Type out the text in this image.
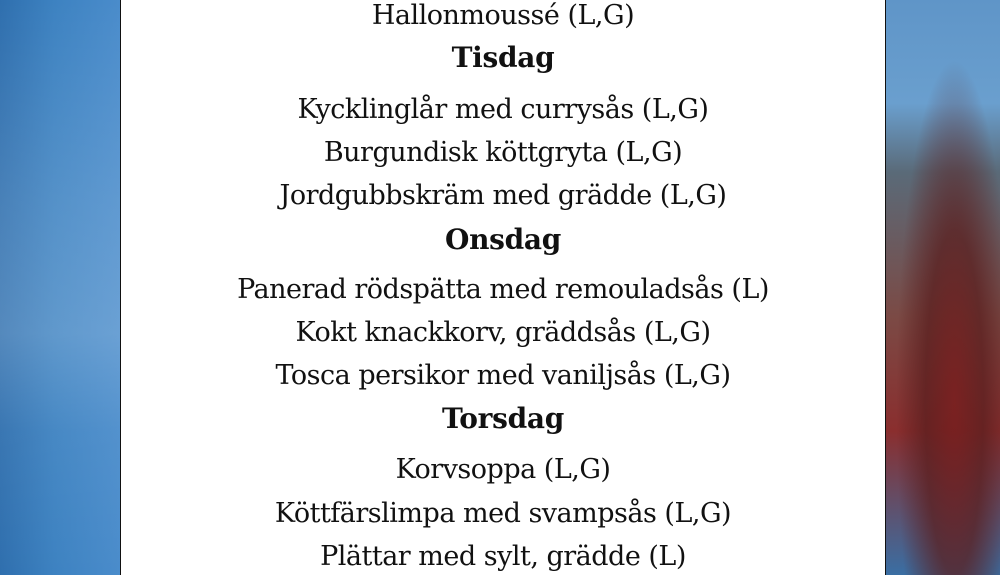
Hallonmoussé (L,G)
Tisdag
Kycklinglår med currysås (L,G)
Burgundisk köttgryta (L,G)
Jordgubbskräm med grädde (L,G)
Onsdag
Panerad rödspätta med remouladsås (L)
Kokt knackkorv, gräddsås (L,G)
Tosca persikor med vaniljsås (L,G)
Torsdag
Korvsoppa (L,G)
Köttfärslimpa med svampsås (L,G)
Plättar med sylt, grädde (L)
